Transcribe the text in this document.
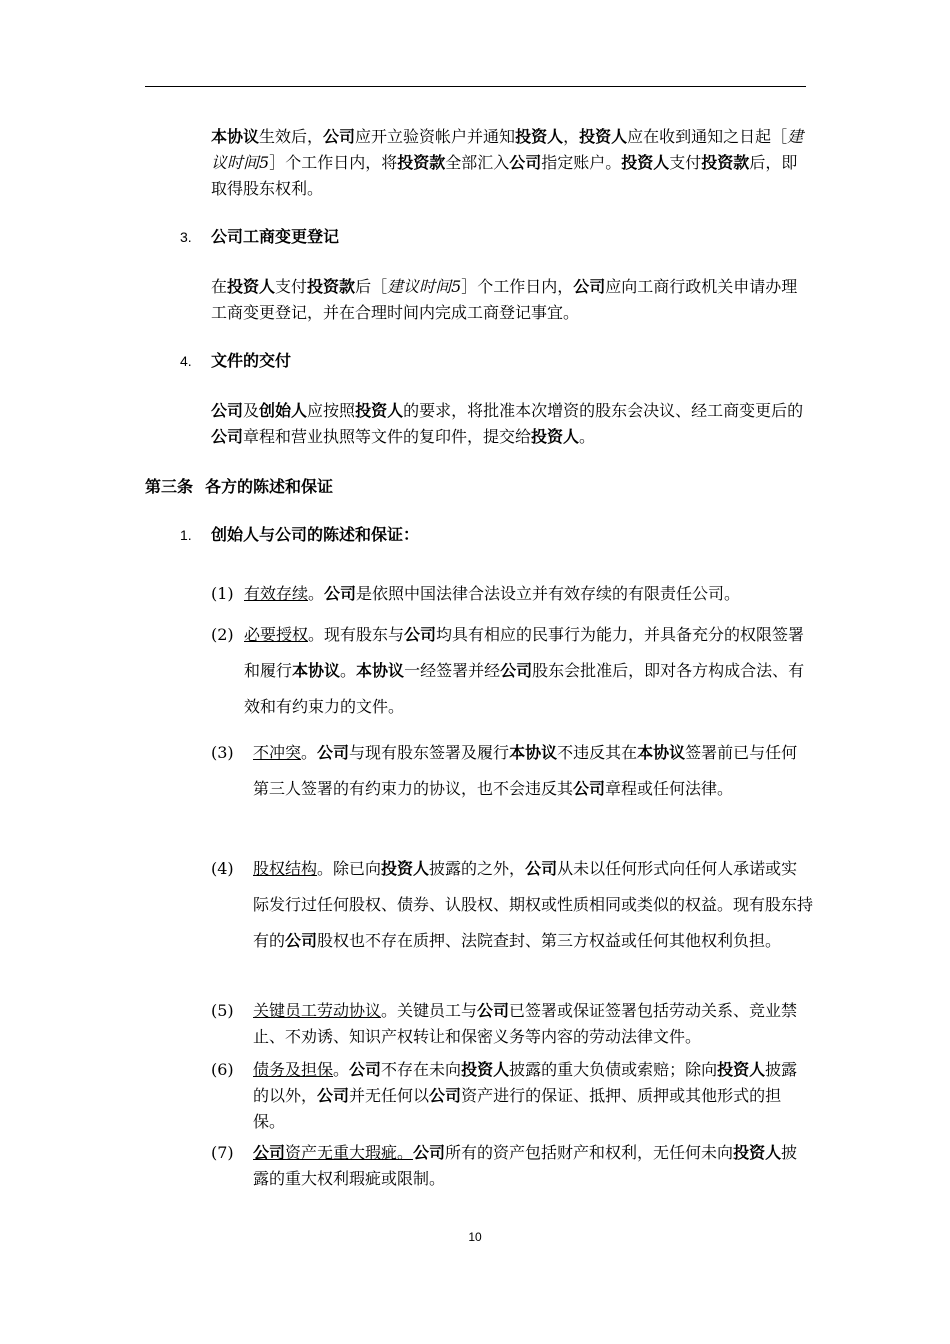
本协议生效后，公司应开立验资帐户并通知投资人，投资人应在收到通知之日起［建议时间5］个工作日内，将投资款全部汇入公司指定账户。投资人支付投资款后，即取得股东权利。

3. 公司工商变更登记

在投资人支付投资款后［建议时间5］个工作日内，公司应向工商行政机关申请办理工商变更登记，并在合理时间内完成工商登记事宜。

4. 文件的交付

公司及创始人应按照投资人的要求，将批准本次增资的股东会决议、经工商变更后的公司章程和营业执照等文件的复印件，提交给投资人。

第三条 各方的陈述和保证

1. 创始人与公司的陈述和保证：

(1) 有效存续。公司是依照中国法律合法设立并有效存续的有限责任公司。

(2) 必要授权。现有股东与公司均具有相应的民事行为能力，并具备充分的权限签署和履行本协议。本协议一经签署并经公司股东会批准后，即对各方构成合法、有效和有约束力的文件。

(3) 不冲突。公司与现有股东签署及履行本协议不违反其在本协议签署前已与任何第三人签署的有约束力的协议，也不会违反其公司章程或任何法律。

(4) 股权结构。除已向投资人披露的之外，公司从未以任何形式向任何人承诺或实际发行过任何股权、债券、认股权、期权或性质相同或类似的权益。现有股东持有的公司股权也不存在质押、法院查封、第三方权益或任何其他权利负担。

(5) 关键员工劳动协议。关键员工与公司已签署或保证签署包括劳动关系、竞业禁止、不劝诱、知识产权转让和保密义务等内容的劳动法律文件。

(6) 债务及担保。公司不存在未向投资人披露的重大负债或索赔；除向投资人披露的以外，公司并无任何以公司资产进行的保证、抵押、质押或其他形式的担保。

(7) 公司资产无重大瑕疵。公司所有的资产包括财产和权利，无任何未向投资人披露的重大权利瑕疵或限制。

10
